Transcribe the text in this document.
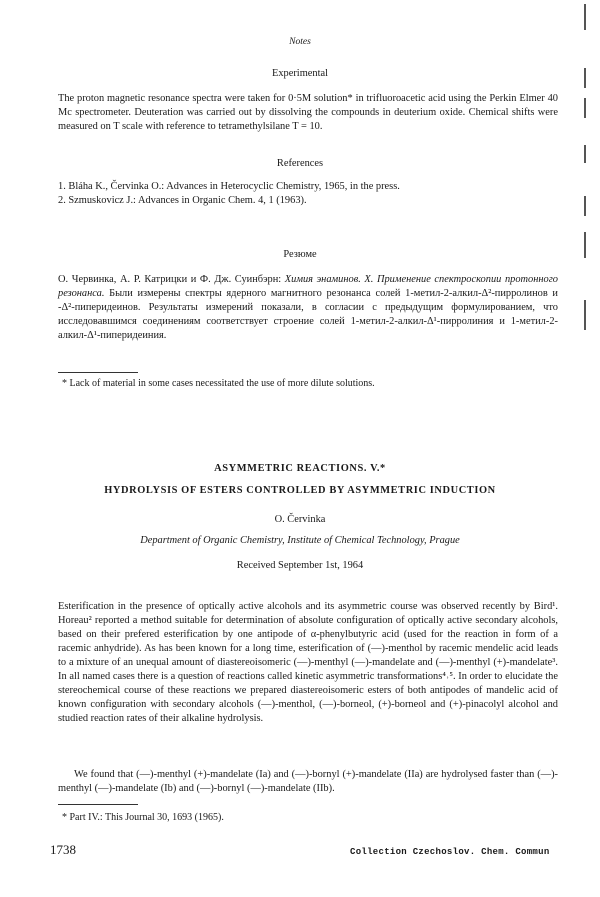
Notes
Experimental
The proton magnetic resonance spectra were taken for 0·5M solution* in trifluoroacetic acid using the Perkin Elmer 40 Mc spectrometer. Deuteration was carried out by dissolving the compounds in deuterium oxide. Chemical shifts were measured on T scale with reference to tetramethylsilane T = 10.
References
1. Bláha K., Červinka O.: Advances in Heterocyclic Chemistry, 1965, in the press.
2. Szmuskovicz J.: Advances in Organic Chem. 4, 1 (1963).
Резюме
О. Червинка, А. Р. Катрицки и Ф. Дж. Суинбэрн: Химия энаминов. Х. Применение спектроскопии протонного резонанса. Были измерены спектры ядерного магнитного резонанса солей 1-метил-2-алкил-Δ²-пирролинов и -Δ²-пиперидеинов. Результаты измерений показали, в согласии с предыдущим формулированием, что исследовавшимся соединениям соответствует строение солей 1-метил-2-алкил-Δ¹-пирролиния и 1-метил-2-алкил-Δ¹-пиперидеиния.
* Lack of material in some cases necessitated the use of more dilute solutions.
ASYMMETRIC REACTIONS. V.*
HYDROLYSIS OF ESTERS CONTROLLED BY ASYMMETRIC INDUCTION
O. Červinka
Department of Organic Chemistry, Institute of Chemical Technology, Prague
Received September 1st, 1964
Esterification in the presence of optically active alcohols and its asymmetric course was observed recently by Bird¹. Horeau² reported a method suitable for determination of absolute configuration of optically active secondary alcohols, based on their prefered esterification by one antipode of α-phenylbutyric acid (used for the reaction in form of a racemic anhydride). As has been known for a long time, esterification of (—)-menthol by racemic mendelic acid leads to a mixture of an unequal amount of diastereoisomeric (—)-menthyl (—)-mandelate and (—)-menthyl (+)-mandelate³. In all named cases there is a question of reactions called kinetic asymmetric transformations⁴˒⁵. In order to elucidate the stereochemical course of these reactions we prepared diastereoisomeric esters of both antipodes of mandelic acid of known configuration with secondary alcohols (—)-menthol, (—)-borneol, (+)-borneol and (+)-pinacolyl alcohol and studied reaction rates of their alkaline hydrolysis.
We found that (—)-menthyl (+)-mandelate (Ia) and (—)-bornyl (+)-mandelate (IIa) are hydrolysed faster than (—)-menthyl (—)-mandelate (Ib) and (—)-bornyl (—)-mandelate (IIb).
* Part IV.: This Journal 30, 1693 (1965).
1738	Collection Czechoslov. Chem. Commun
